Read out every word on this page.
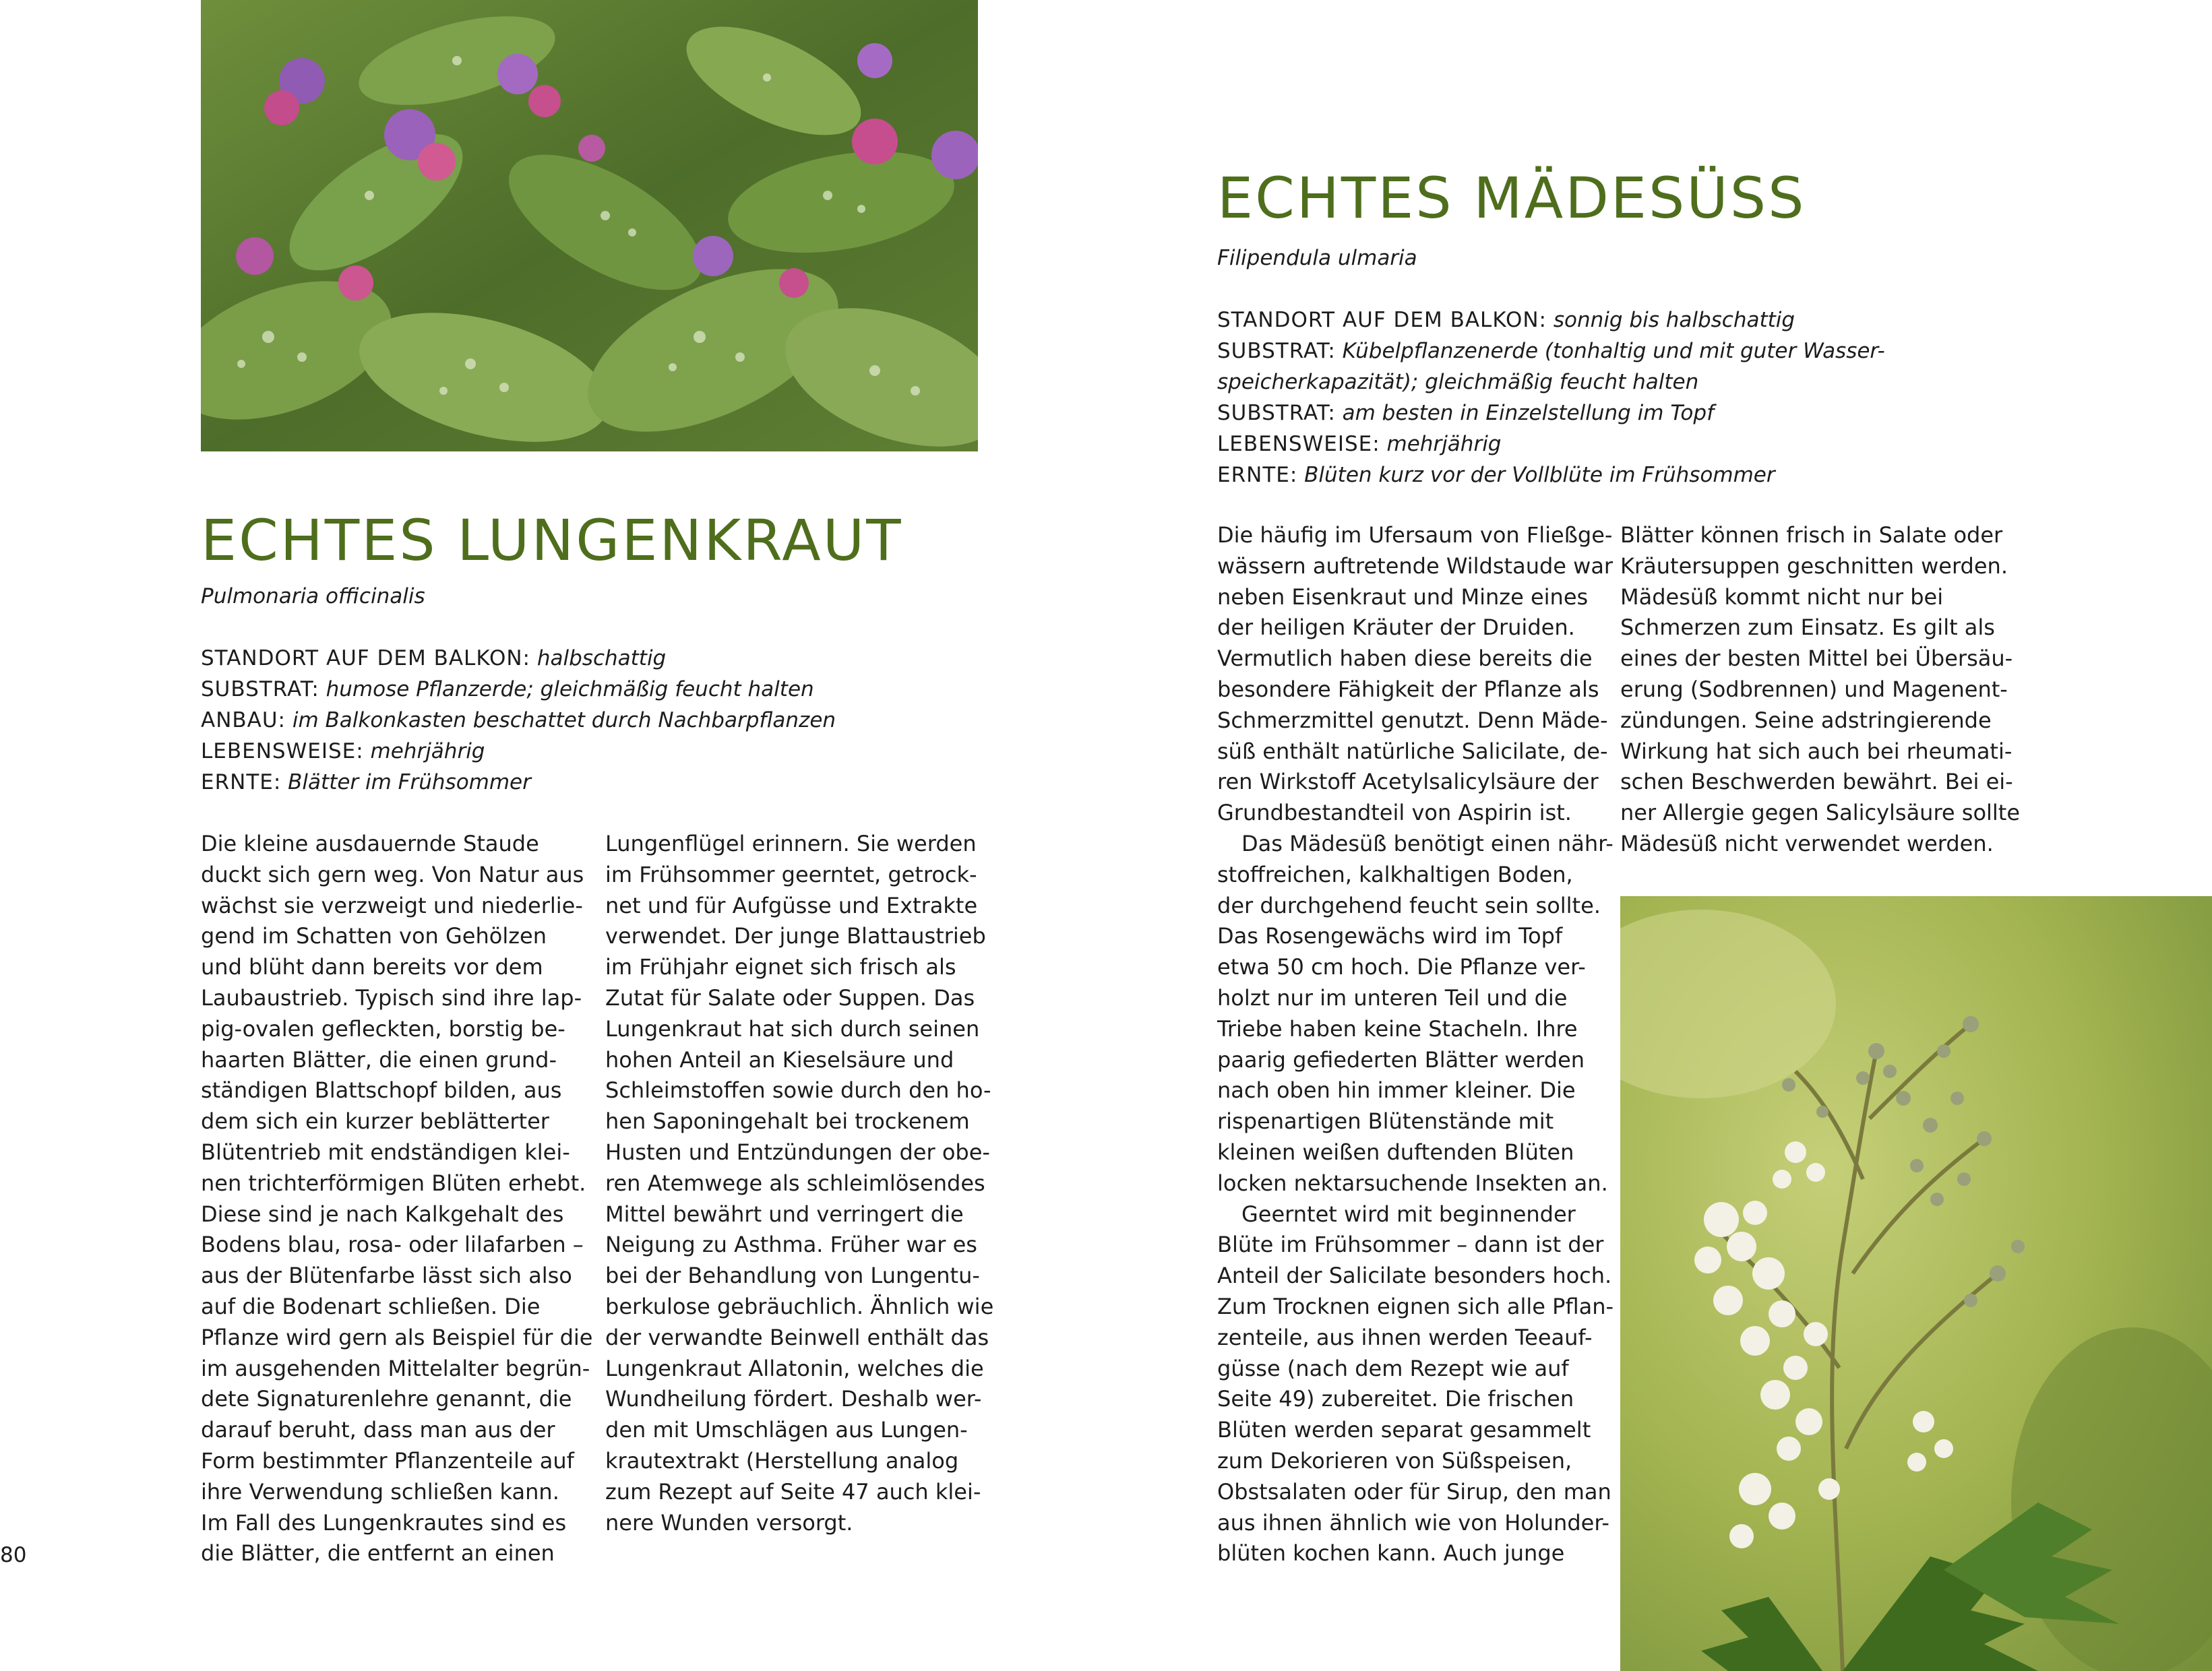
ECHTES LUNGENKRAUT

Pulmonaria officinalis

STANDORT AUF DEM BALKON: halbschattig
SUBSTRAT: humose Pflanzerde; gleichmäßig feucht halten
ANBAU: im Balkonkasten beschattet durch Nachbarpflanzen
LEBENSWEISE: mehrjährig
ERNTE: Blätter im Frühsommer
Die kleine ausdauernde Staude
duckt sich gern weg. Von Natur aus
wächst sie verzweigt und niederlie-
gend im Schatten von Gehölzen
und blüht dann bereits vor dem
Laubaustrieb. Typisch sind ihre lap-
pig-ovalen gefleckten, borstig be-
haarten Blätter, die einen grund-
ständigen Blattschopf bilden, aus
dem sich ein kurzer beblätterter
Blütentrieb mit endständigen klei-
nen trichterförmigen Blüten erhebt.
Diese sind je nach Kalkgehalt des
Bodens blau, rosa- oder lilafarben –
aus der Blütenfarbe lässt sich also
auf die Bodenart schließen. Die
Pflanze wird gern als Beispiel für die
im ausgehenden Mittelalter begrün-
dete Signaturenlehre genannt, die
darauf beruht, dass man aus der
Form bestimmter Pflanzenteile auf
ihre Verwendung schließen kann.
Im Fall des Lungenkrautes sind es
die Blätter, die entfernt an einen
Lungenflügel erinnern. Sie werden
im Frühsommer geerntet, getrock-
net und für Aufgüsse und Extrakte
verwendet. Der junge Blattaustrieb
im Frühjahr eignet sich frisch als
Zutat für Salate oder Suppen. Das
Lungenkraut hat sich durch seinen
hohen Anteil an Kieselsäure und
Schleimstoffen sowie durch den ho-
hen Saponingehalt bei trockenem
Husten und Entzündungen der obe-
ren Atemwege als schleimlösendes
Mittel bewährt und verringert die
Neigung zu Asthma. Früher war es
bei der Behandlung von Lungentu-
berkulose gebräuchlich. Ähnlich wie
der verwandte Beinwell enthält das
Lungenkraut Allatonin, welches die
Wundheilung fördert. Deshalb wer-
den mit Umschlägen aus Lungen-
krautextrakt (Herstellung analog
zum Rezept auf Seite 47 auch klei-
nere Wunden versorgt.
80
ECHTES MÄDESÜSS

Filipendula ulmaria

STANDORT AUF DEM BALKON: sonnig bis halbschattig
SUBSTRAT: Kübelpflanzenerde (tonhaltig und mit guter Wasser-
speicherkapazität); gleichmäßig feucht halten
SUBSTRAT: am besten in Einzelstellung im Topf
LEBENSWEISE: mehrjährig
ERNTE: Blüten kurz vor der Vollblüte im Frühsommer
Die häufig im Ufersaum von Fließge-
wässern auftretende Wildstaude war
neben Eisenkraut und Minze eines
der heiligen Kräuter der Druiden.
Vermutlich haben diese bereits die
besondere Fähigkeit der Pflanze als
Schmerzmittel genutzt. Denn Mäde-
süß enthält natürliche Salicilate, de-
ren Wirkstoff Acetylsalicylsäure der
Grundbestandteil von Aspirin ist.
Das Mädesüß benötigt einen nähr-
stoffreichen, kalkhaltigen Boden,
der durchgehend feucht sein sollte.
Das Rosengewächs wird im Topf
etwa 50 cm hoch. Die Pflanze ver-
holzt nur im unteren Teil und die
Triebe haben keine Stacheln. Ihre
paarig gefiederten Blätter werden
nach oben hin immer kleiner. Die
rispenartigen Blütenstände mit
kleinen weißen duftenden Blüten
locken nektarsuchende Insekten an.
Geerntet wird mit beginnender
Blüte im Frühsommer – dann ist der
Anteil der Salicilate besonders hoch.
Zum Trocknen eignen sich alle Pflan-
zenteile, aus ihnen werden Teeauf-
güsse (nach dem Rezept wie auf
Seite 49) zubereitet. Die frischen
Blüten werden separat gesammelt
zum Dekorieren von Süßspeisen,
Obstsalaten oder für Sirup, den man
aus ihnen ähnlich wie von Holunder-
blüten kochen kann. Auch junge
Blätter können frisch in Salate oder
Kräutersuppen geschnitten werden.
Mädesüß kommt nicht nur bei
Schmerzen zum Einsatz. Es gilt als
eines der besten Mittel bei Übersäu-
erung (Sodbrennen) und Magenent-
zündungen. Seine adstringierende
Wirkung hat sich auch bei rheumati-
schen Beschwerden bewährt. Bei ei-
ner Allergie gegen Salicylsäure sollte
Mädesüß nicht verwendet werden.
